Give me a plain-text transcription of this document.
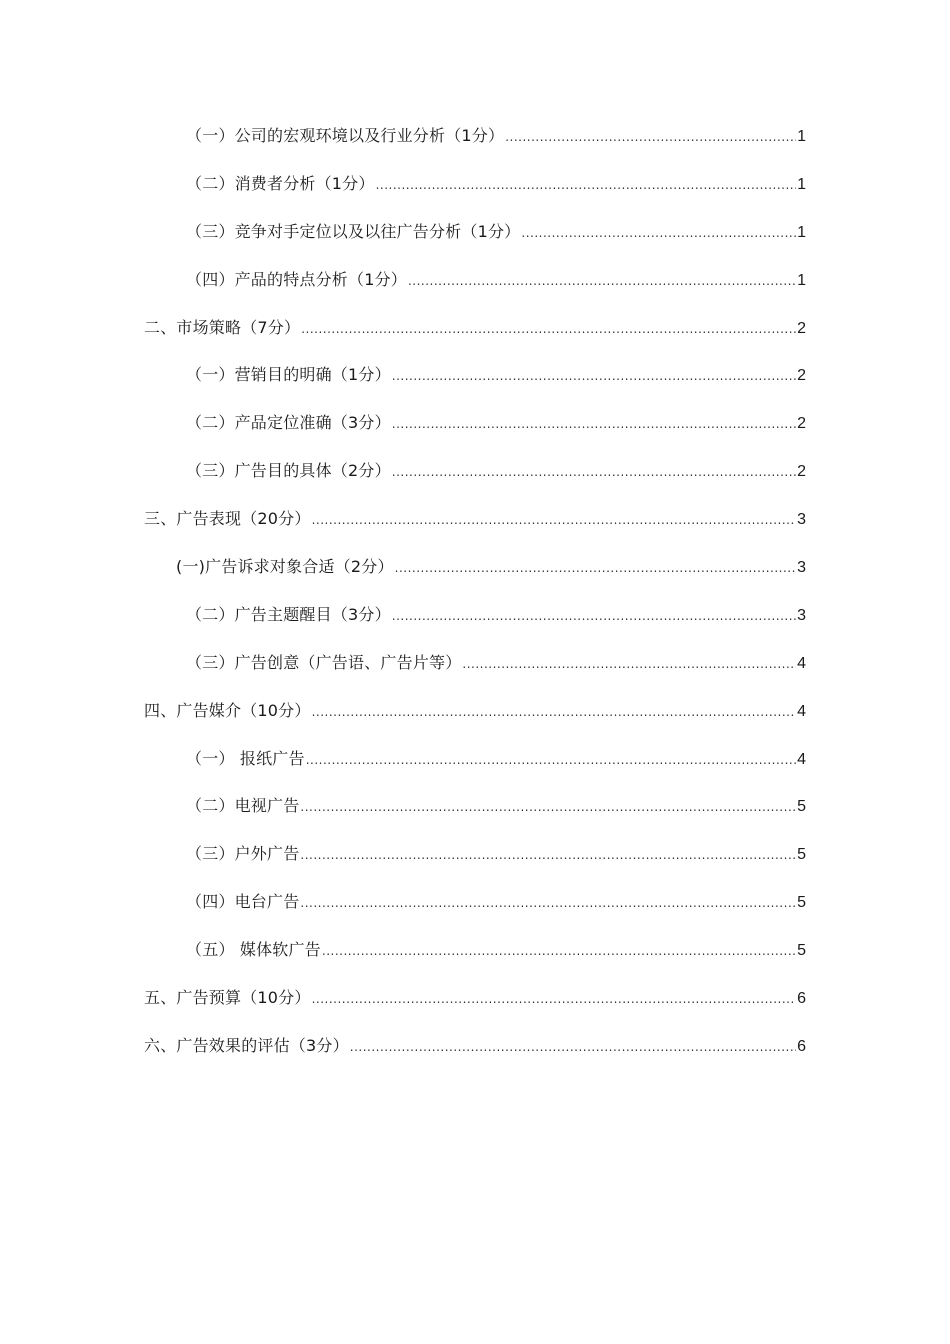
（一）公司的宏观环境以及行业分析（1分） .....	1
（二）消费者分析（1分） .....	1
（三）竞争对手定位以及以往广告分析（1分） .....	1
（四）产品的特点分析（1分） .....	1
二、市场策略（7分） .....	2
（一）营销目的明确（1分） .....	2
（二）产品定位准确（3分） .....	2
（三）广告目的具体（2分） .....	2
三、广告表现（20分） .....	3
(一)广告诉求对象合适（2分） .....	3
（二）广告主题醒目（3分） .....	3
（三）广告创意（广告语、广告片等） .....	4
四、广告媒介（10分） .....	4
（一） 报纸广告 .....	4
（二）电视广告 .....	5
（三）户外广告 .....	5
（四）电台广告 .....	5
（五） 媒体软广告 .....	5
五、广告预算（10分） .....	6
六、广告效果的评估（3分） .....	6
